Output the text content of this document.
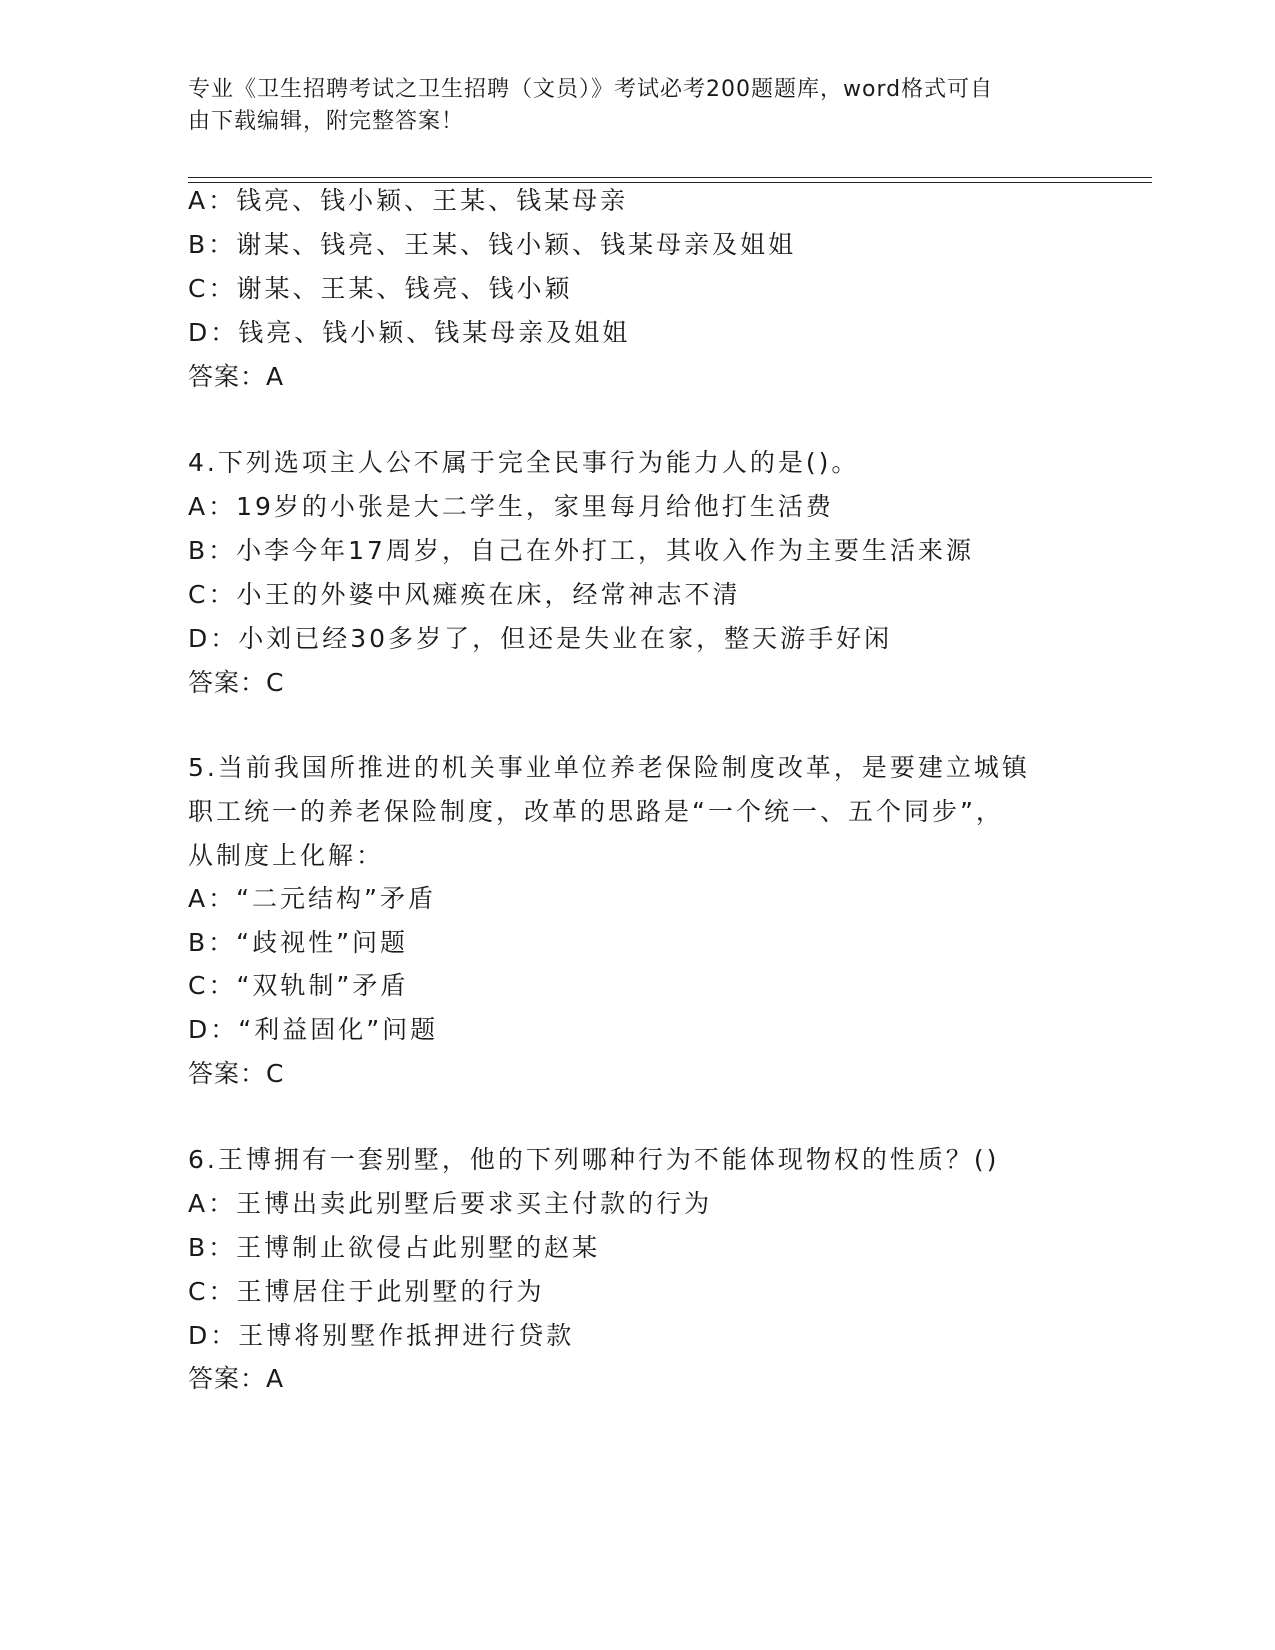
专业《卫生招聘考试之卫生招聘（文员）》考试必考200题题库，word格式可自
由下载编辑，附完整答案！
A：钱亮、钱小颖、王某、钱某母亲
B：谢某、钱亮、王某、钱小颖、钱某母亲及姐姐
C：谢某、王某、钱亮、钱小颖
D：钱亮、钱小颖、钱某母亲及姐姐
答案：A
4.下列选项主人公不属于完全民事行为能力人的是()。
A：19岁的小张是大二学生，家里每月给他打生活费
B：小李今年17周岁，自己在外打工，其收入作为主要生活来源
C：小王的外婆中风瘫痪在床，经常神志不清
D：小刘已经30多岁了，但还是失业在家，整天游手好闲
答案：C
5.当前我国所推进的机关事业单位养老保险制度改革，是要建立城镇
职工统一的养老保险制度，改革的思路是“一个统一、五个同步”，
从制度上化解：
A：“二元结构”矛盾
B：“歧视性”问题
C：“双轨制”矛盾
D：“利益固化”问题
答案：C
6.王博拥有一套别墅，他的下列哪种行为不能体现物权的性质？()
A：王博出卖此别墅后要求买主付款的行为
B：王博制止欲侵占此别墅的赵某
C：王博居住于此别墅的行为
D：王博将别墅作抵押进行贷款
答案：A
